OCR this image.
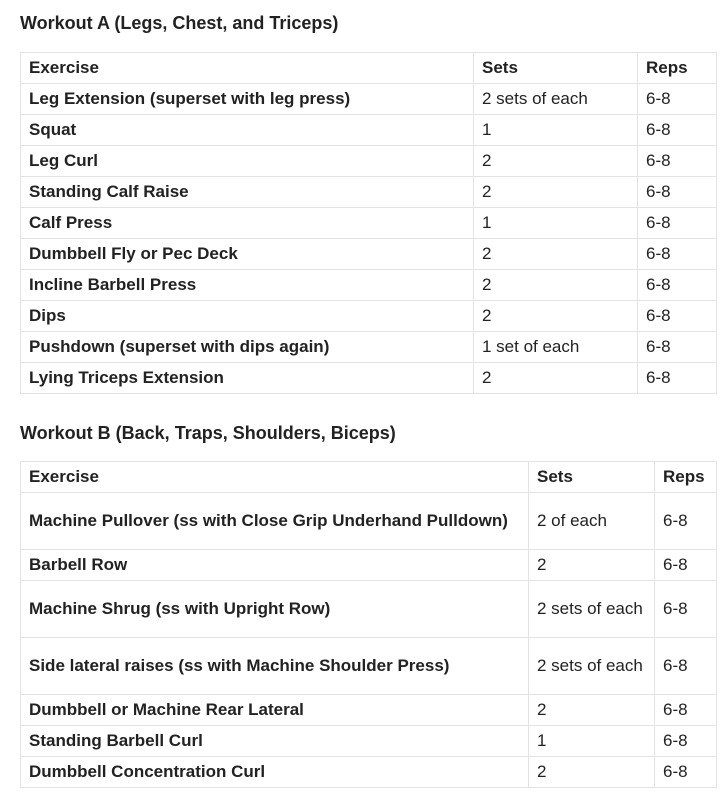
Workout A (Legs, Chest, and Triceps)
Exercise	Sets	Reps
Leg Extension (superset with leg press)	2 sets of each	6-8
Squat	1	6-8
Leg Curl	2	6-8
Standing Calf Raise	2	6-8
Calf Press	1	6-8
Dumbbell Fly or Pec Deck	2	6-8
Incline Barbell Press	2	6-8
Dips	2	6-8
Pushdown (superset with dips again)	1 set of each	6-8
Lying Triceps Extension	2	6-8
Workout B (Back, Traps, Shoulders, Biceps)
Exercise	Sets	Reps
Machine Pullover (ss with Close Grip Underhand Pulldown)	2 of each	6-8
Barbell Row	2	6-8
Machine Shrug (ss with Upright Row)	2 sets of each	6-8
Side lateral raises (ss with Machine Shoulder Press)	2 sets of each	6-8
Dumbbell or Machine Rear Lateral	2	6-8
Standing Barbell Curl	1	6-8
Dumbbell Concentration Curl	2	6-8
